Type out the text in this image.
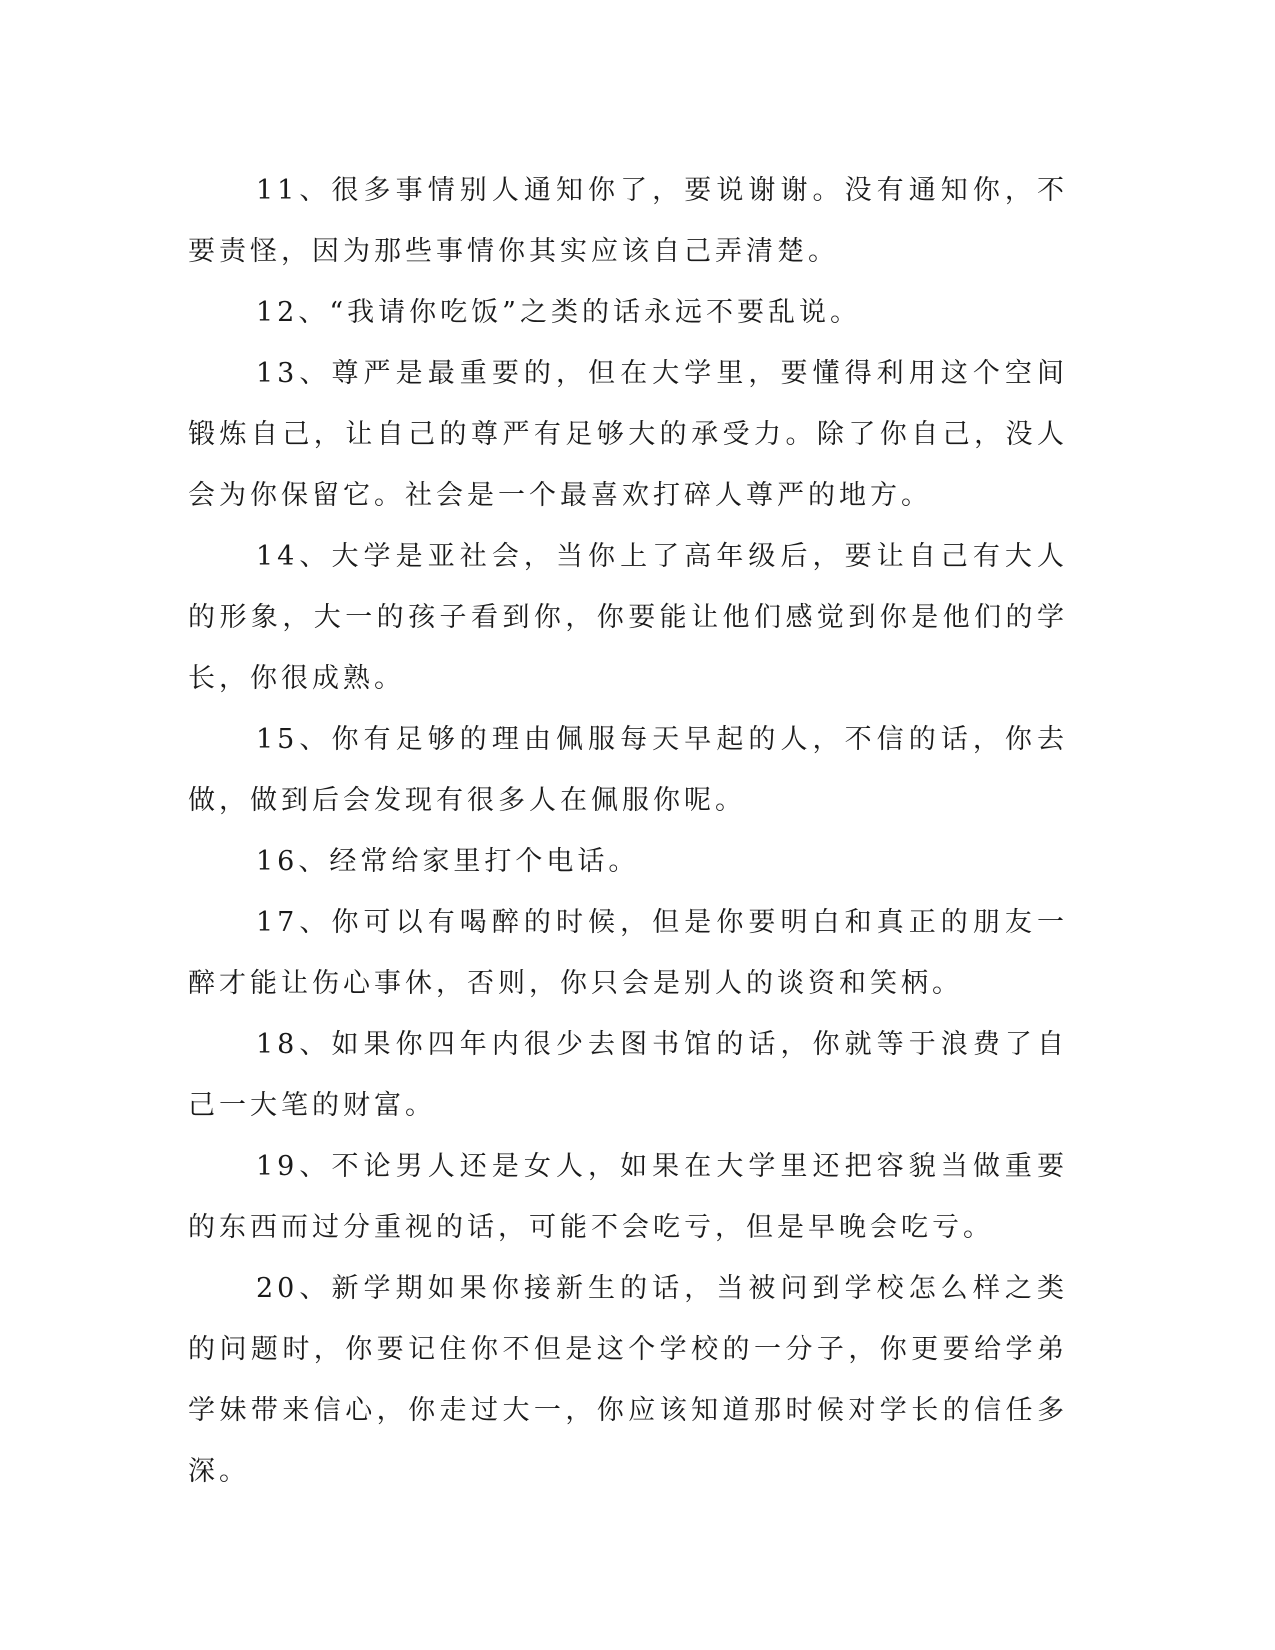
11、很多事情别人通知你了，要说谢谢。没有通知你，不要责怪，因为那些事情你其实应该自己弄清楚。

12、“我请你吃饭”之类的话永远不要乱说。

13、尊严是最重要的，但在大学里，要懂得利用这个空间锻炼自己，让自己的尊严有足够大的承受力。除了你自己，没人会为你保留它。社会是一个最喜欢打碎人尊严的地方。

14、大学是亚社会，当你上了高年级后，要让自己有大人的形象，大一的孩子看到你，你要能让他们感觉到你是他们的学长，你很成熟。

15、你有足够的理由佩服每天早起的人，不信的话，你去做，做到后会发现有很多人在佩服你呢。

16、经常给家里打个电话。

17、你可以有喝醉的时候，但是你要明白和真正的朋友一醉才能让伤心事休，否则，你只会是别人的谈资和笑柄。

18、如果你四年内很少去图书馆的话，你就等于浪费了自己一大笔的财富。

19、不论男人还是女人，如果在大学里还把容貌当做重要的东西而过分重视的话，可能不会吃亏，但是早晚会吃亏。

20、新学期如果你接新生的话，当被问到学校怎么样之类的问题时，你要记住你不但是这个学校的一分子，你更要给学弟学妹带来信心，你走过大一，你应该知道那时候对学长的信任多深。
